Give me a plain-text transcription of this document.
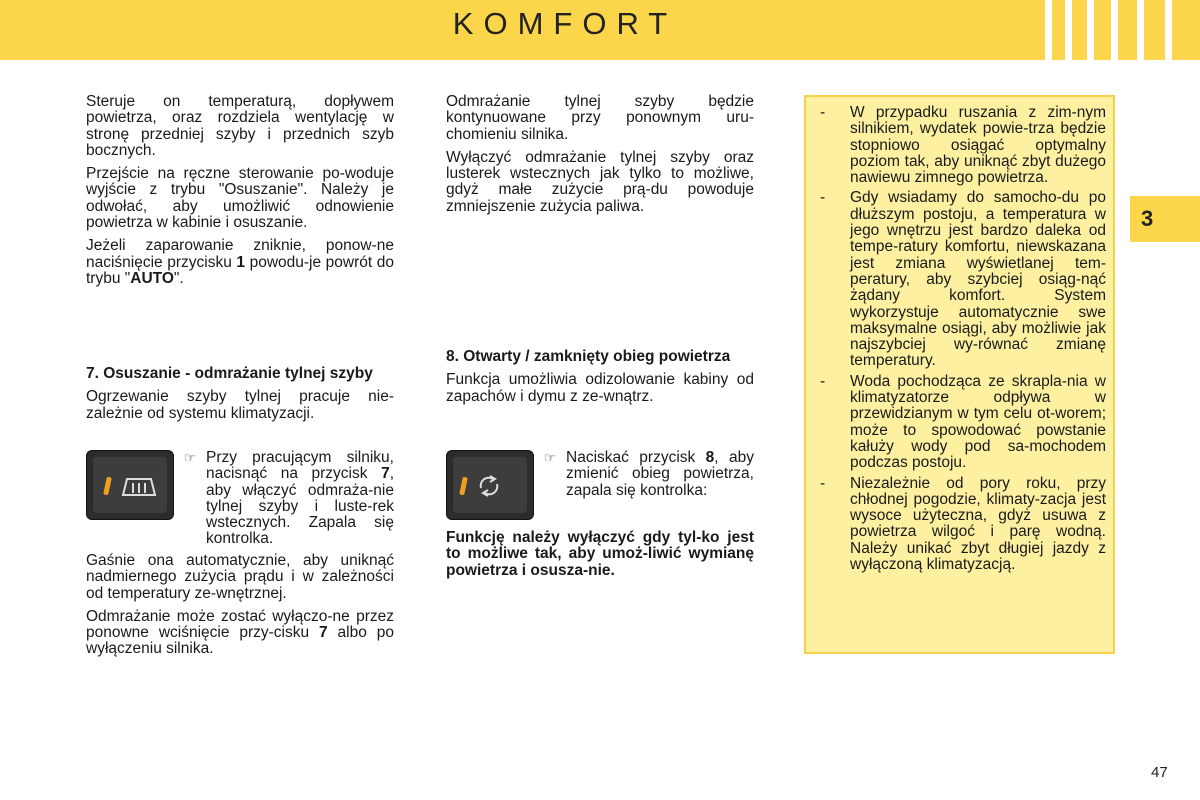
KOMFORT
3

Steruje on temperaturą, dopływem powietrza, oraz rozdziela wentylację w stronę przedniej szyby i przednich szyb bocznych.

Przejście na ręczne sterowanie po-woduje wyjście z trybu "Osuszanie". Należy je odwołać, aby umożliwić odnowienie powietrza w kabinie i osuszanie.

Jeżeli zaparowanie zniknie, ponow-ne naciśnięcie przycisku 1 powodu-je powrót do trybu "AUTO".

7. Osuszanie - odmrażanie tylnej szyby

Ogrzewanie szyby tylnej pracuje nie-zależnie od systemu klimatyzacji.

☞ Przy pracującym silniku, nacisnąć na przycisk 7, aby włączyć odmraża-nie tylnej szyby i luste-rek wstecznych. Zapala się kontrolka.

Gaśnie ona automatycznie, aby uniknąć nadmiernego zużycia prądu i w zależności od temperatury ze-wnętrznej.

Odmrażanie może zostać wyłączo-ne przez ponowne wciśnięcie przy-cisku 7 albo po wyłączeniu silnika.

Odmrażanie tylnej szyby będzie kontynuowane przy ponownym uru-chomieniu silnika.

Wyłączyć odmrażanie tylnej szyby oraz lusterek wstecznych jak tylko to możliwe, gdyż małe zużycie prą-du powoduje zmniejszenie zużycia paliwa.

8. Otwarty / zamknięty obieg powietrza

Funkcja umożliwia odizolowanie kabiny od zapachów i dymu z ze-wnątrz.

☞ Naciskać przycisk 8, aby zmienić obieg powietrza, zapala się kontrolka:

Funkcję należy wyłączyć gdy tyl-ko jest to możliwe tak, aby umoż-liwić wymianę powietrza i osusza-nie.

- W przypadku ruszania z zim-nym silnikiem, wydatek powie-trza będzie stopniowo osiągać optymalny poziom tak, aby uniknąć zbyt dużego nawiewu zimnego powietrza.
- Gdy wsiadamy do samocho-du po dłuższym postoju, a temperatura w jego wnętrzu jest bardzo daleka od tempe-ratury komfortu, niewskazana jest zmiana wyświetlanej tem-peratury, aby szybciej osiąg-nąć żądany komfort. System wykorzystuje automatycznie swe maksymalne osiągi, aby możliwie jak najszybciej wy-równać zmianę temperatury.
- Woda pochodząca ze skrapla-nia w klimatyzatorze odpływa w przewidzianym w tym celu ot-worem; może to spowodować powstanie kałuży wody pod sa-mochodem podczas postoju.
- Niezależnie od pory roku, przy chłodnej pogodzie, klimaty-zacja jest wysoce użyteczna, gdyż usuwa z powietrza wilgoć i parę wodną. Należy unikać zbyt długiej jazdy z wyłączoną klimatyzacją.
47
